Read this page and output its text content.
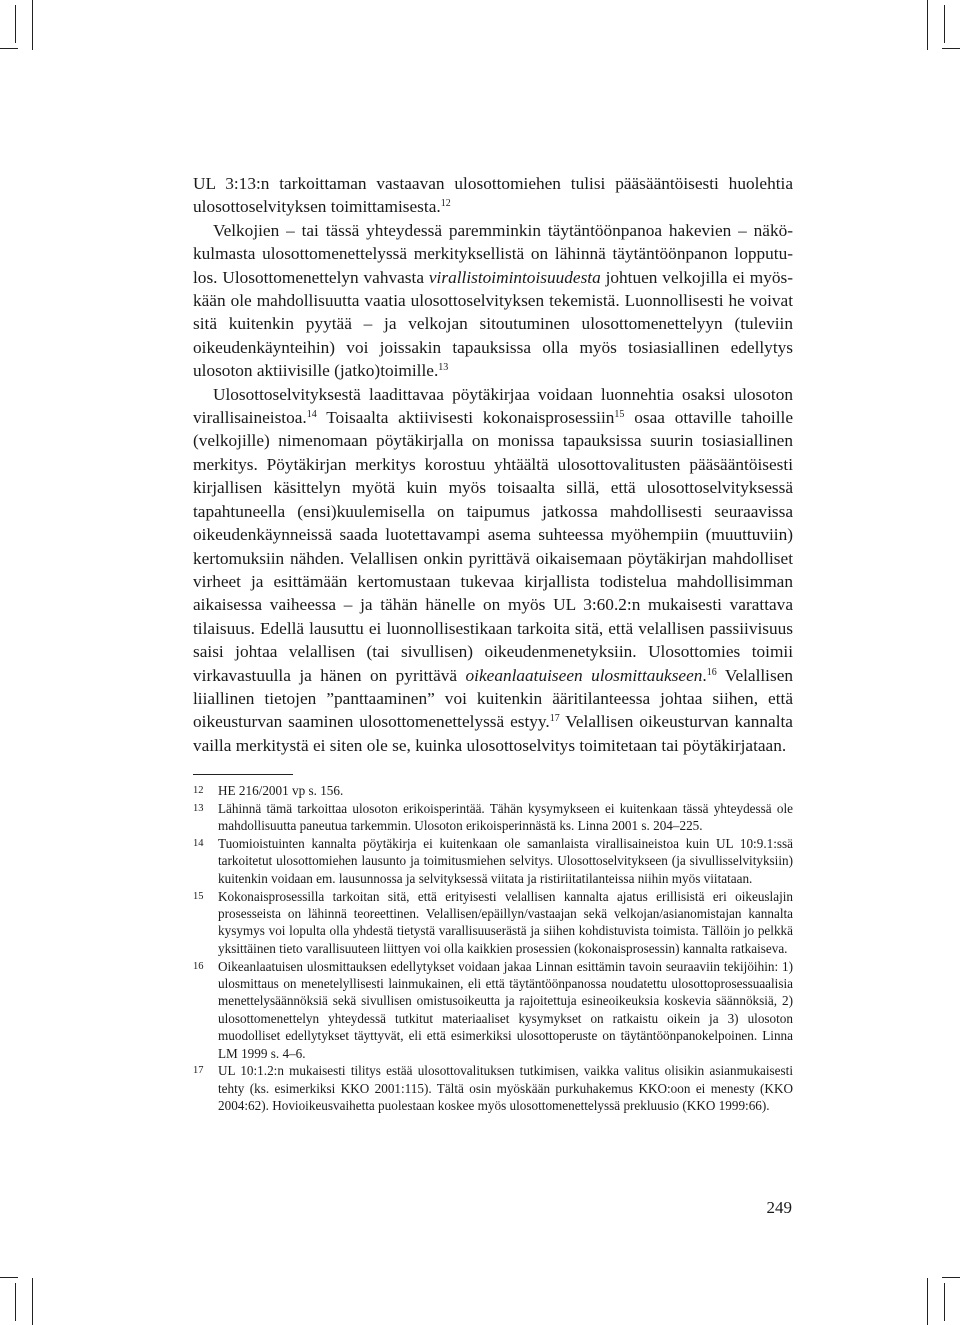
UL 3:13:n tarkoittaman vastaavan ulosottomiehen tulisi pääsääntöisesti huolehtia ulosottoselvityksen toimittamisesta.$^{12}$

Velkojien – tai tässä yhteydessä paremminkin täytäntöönpanoa hakevien – näkökulmasta ulosottomenettelyssä merkityksellistä on lähinnä täytäntöönpanon lopputulos. Ulosottomenettelyn vahvasta virallistoimintoisuudesta johtuen velkojilla ei myöskään ole mahdollisuutta vaatia ulosottoselvityksen tekemistä. Luonnollisesti he voivat sitä kuitenkin pyytää – ja velkojan sitoutuminen ulosottomenettelyyn (tuleviin oikeudenkäynteihin) voi joissakin tapauksissa olla myös tosiasiallinen edellytys ulosoton aktiivisille (jatko)toimille.$^{13}$

Ulosottoselvityksestä laadittavaa pöytäkirjaa voidaan luonnehtia osaksi ulosoton virallisaineistoa.$^{14}$ Toisaalta aktiivisesti kokonaisprosessiin$^{15}$ osaa ottaville tahoille (velkojille) nimenomaan pöytäkirjalla on monissa tapauksissa suurin tosiasiallinen merkitys. Pöytäkirjan merkitys korostuu yhtäältä ulosottovalitusten pääsääntöisesti kirjallisen käsittelyn myötä kuin myös toisaalta sillä, että ulosottoselvityksessä tapahtuneella (ensi)kuulemisella on taipumus jatkossa mahdollisesti seuraavissa oikeudenkäynneissä saada luotettavampi asema suhteessa myöhempiin (muuttuviin) kertomuksiin nähden. Velallisen onkin pyrittävä oikaisemaan pöytäkirjan mahdolliset virheet ja esittämään kertomustaan tukevaa kirjallista todistelua mahdollisimman aikaisessa vaiheessa – ja tähän hänelle on myös UL 3:60.2:n mukaisesti varattava tilaisuus. Edellä lausuttu ei luonnollisestikaan tarkoita sitä, että velallisen passiivisuus saisi johtaa velallisen (tai sivullisen) oikeudenmenetyksiin. Ulosottomies toimii virkavastuulla ja hänen on pyrittävä oikeanlaatuiseen ulosmittaukseen.$^{16}$ Velallisen liiallinen tietojen ”panttaaminen” voi kuitenkin ääritilanteessa johtaa siihen, että oikeusturvan saaminen ulosottomenettelyssä estyy.$^{17}$ Velallisen oikeusturvan kannalta vailla merkitystä ei siten ole se, kuinka ulosottoselvitys toimitetaan tai pöytäkirjataan.

12 HE 216/2001 vp s. 156.
13 Lähinnä tämä tarkoittaa ulosoton erikoisperintää. Tähän kysymykseen ei kuitenkaan tässä yhteydessä ole mahdollisuutta paneutua tarkemmin. Ulosoton erikoisperinnästä ks. Linna 2001 s. 204–225.
14 Tuomioistuinten kannalta pöytäkirja ei kuitenkaan ole samanlaista virallisaineistoa kuin UL 10:9.1:ssä tarkoitetut ulosottomiehen lausunto ja toimitusmiehen selvitys. Ulosottoselvitykseen (ja sivullisselvityksiin) kuitenkin voidaan em. lausunnossa ja selvityksessä viitata ja ristiriitatilanteissa niihin myös viitataan.
15 Kokonaisprosessilla tarkoitan sitä, että erityisesti velallisen kannalta ajatus erillisistä eri oikeuslajin prosesseista on lähinnä teoreettinen. Velallisen/epäillyn/vastaajan sekä velkojan/asianomistajan kannalta kysymys voi lopulta olla yhdestä tietystä varallisuuserästä ja siihen kohdistuvista toimista. Tällöin jo pelkkä yksittäinen tieto varallisuuteen liittyen voi olla kaikkien prosessien (kokonaisprosessin) kannalta ratkaiseva.
16 Oikeanlaatuisen ulosmittauksen edellytykset voidaan jakaa Linnan esittämin tavoin seuraaviin tekijöihin: 1) ulosmittaus on menetelyllisesti lainmukainen, eli että täytäntöönpanossa noudatettu ulosottoprosessuaalisia menettelysäännöksiä sekä sivullisen omistusoikeutta ja rajoitettuja esineoikeuksia koskevia säännöksiä, 2) ulosottomenettelyn yhteydessä tutkitut materiaaliset kysymykset on ratkaistu oikein ja 3) ulosoton muodolliset edellytykset täyttyvät, eli että esimerkiksi ulosottoperuste on täytäntöönpanokelpoinen. Linna LM 1999 s. 4–6.
17 UL 10:1.2:n mukaisesti tilitys estää ulosottovalituksen tutkimisen, vaikka valitus olisikin asianmukaisesti tehty (ks. esimerkiksi KKO 2001:115). Tältä osin myöskään purkuhakemus KKO:oon ei menesty (KKO 2004:62). Hovioikeusvaihetta puolestaan koskee myös ulosottomenettelyssä prekluusio (KKO 1999:66).
249
